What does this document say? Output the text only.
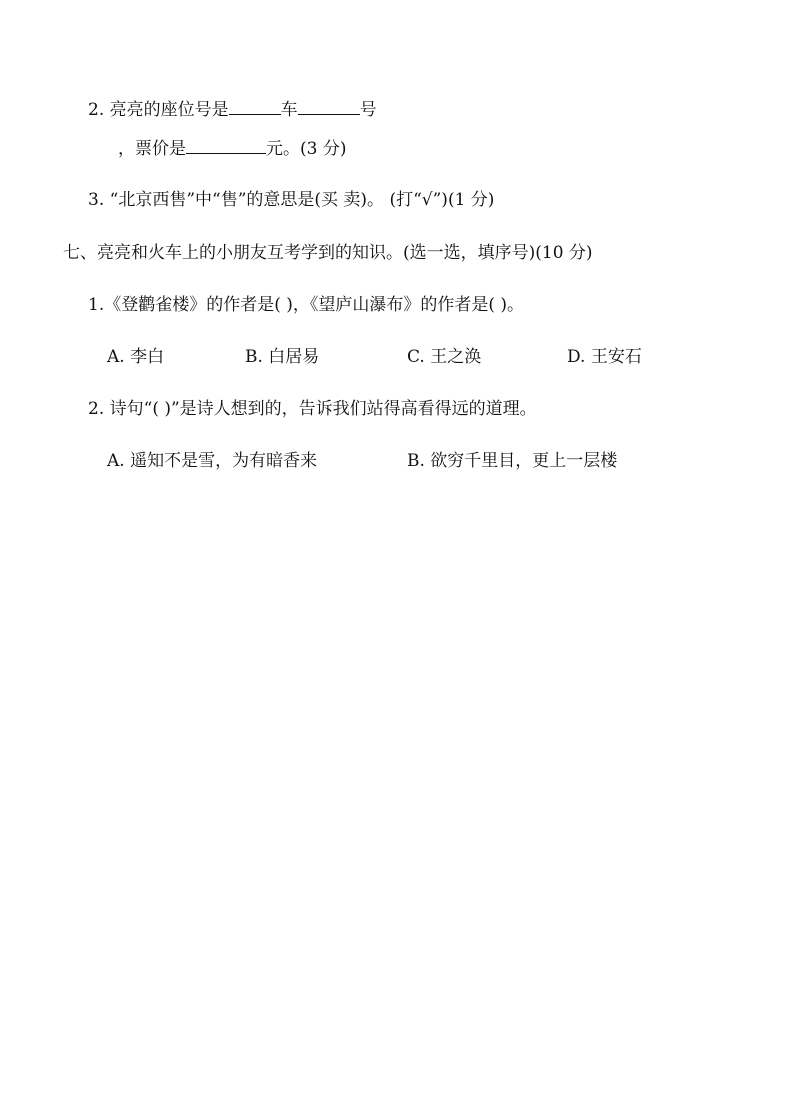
2. 亮亮的座位号是	车	号
，票价是	元。(3 分)
3. “北京西售”中“售”的意思是(买 卖)。 (打“√”)(1 分)
七、亮亮和火车上的小朋友互考学到的知识。(选一选，填序号)(10 分)
1.《登鹳雀楼》的作者是( )，《望庐山瀑布》的作者是( )。
A. 李白	B. 白居易	C. 王之涣	D. 王安石
2. 诗句“( )”是诗人想到的，告诉我们站得高看得远的道理。
A. 遥知不是雪，为有暗香来	B. 欲穷千里目，更上一层楼
